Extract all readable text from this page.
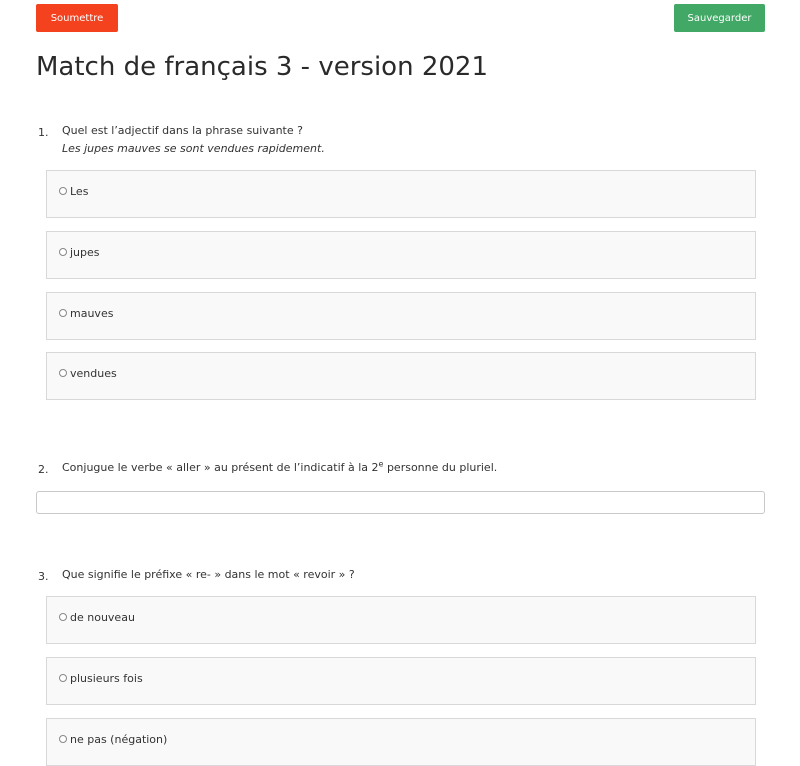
Soumettre	Sauvegarder
Match de français 3 - version 2021
1. Quel est l’adjectif dans la phrase suivante ?
Les jupes mauves se sont vendues rapidement.
Les
jupes
mauves
vendues
2. Conjugue le verbe « aller » au présent de l’indicatif à la 2e personne du pluriel.
3. Que signifie le préfixe « re- » dans le mot « revoir » ?
de nouveau
plusieurs fois
ne pas (négation)
